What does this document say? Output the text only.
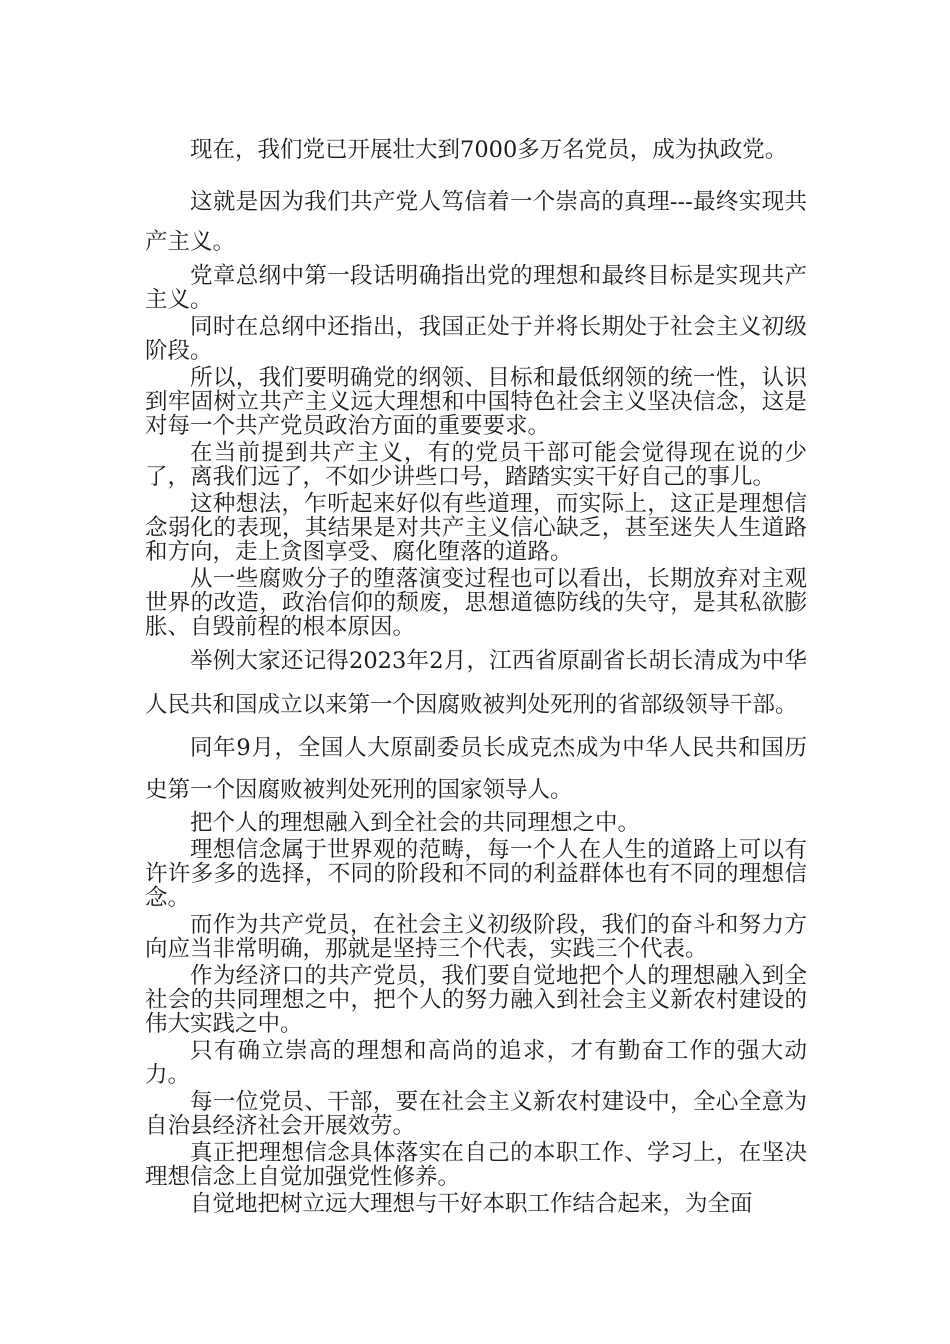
现在，我们党已开展壮大到7000多万名党员，成为执政党。

这就是因为我们共产党人笃信着一个崇高的真理---最终实现共产主义。

党章总纲中第一段话明确指出党的理想和最终目标是实现共产主义。

同时在总纲中还指出，我国正处于并将长期处于社会主义初级阶段。

所以，我们要明确党的纲领、目标和最低纲领的统一性，认识到牢固树立共产主义远大理想和中国特色社会主义坚决信念，这是对每一个共产党员政治方面的重要要求。

在当前提到共产主义，有的党员干部可能会觉得现在说的少了，离我们远了，不如少讲些口号，踏踏实实干好自己的事儿。

这种想法，乍听起来好似有些道理，而实际上，这正是理想信念弱化的表现，其结果是对共产主义信心缺乏，甚至迷失人生道路和方向，走上贪图享受、腐化堕落的道路。

从一些腐败分子的堕落演变过程也可以看出，长期放弃对主观世界的改造，政治信仰的颓废，思想道德防线的失守，是其私欲膨胀、自毁前程的根本原因。

举例大家还记得2023年2月，江西省原副省长胡长清成为中华人民共和国成立以来第一个因腐败被判处死刑的省部级领导干部。

同年9月，全国人大原副委员长成克杰成为中华人民共和国历史第一个因腐败被判处死刑的国家领导人。

把个人的理想融入到全社会的共同理想之中。

理想信念属于世界观的范畴，每一个人在人生的道路上可以有许许多多的选择，不同的阶段和不同的利益群体也有不同的理想信念。

而作为共产党员，在社会主义初级阶段，我们的奋斗和努力方向应当非常明确，那就是坚持三个代表，实践三个代表。

作为经济口的共产党员，我们要自觉地把个人的理想融入到全社会的共同理想之中，把个人的努力融入到社会主义新农村建设的伟大实践之中。

只有确立崇高的理想和高尚的追求，才有勤奋工作的强大动力。

每一位党员、干部，要在社会主义新农村建设中，全心全意为自治县经济社会开展效劳。

真正把理想信念具体落实在自己的本职工作、学习上，在坚决理想信念上自觉加强党性修养。

自觉地把树立远大理想与干好本职工作结合起来，为全面
